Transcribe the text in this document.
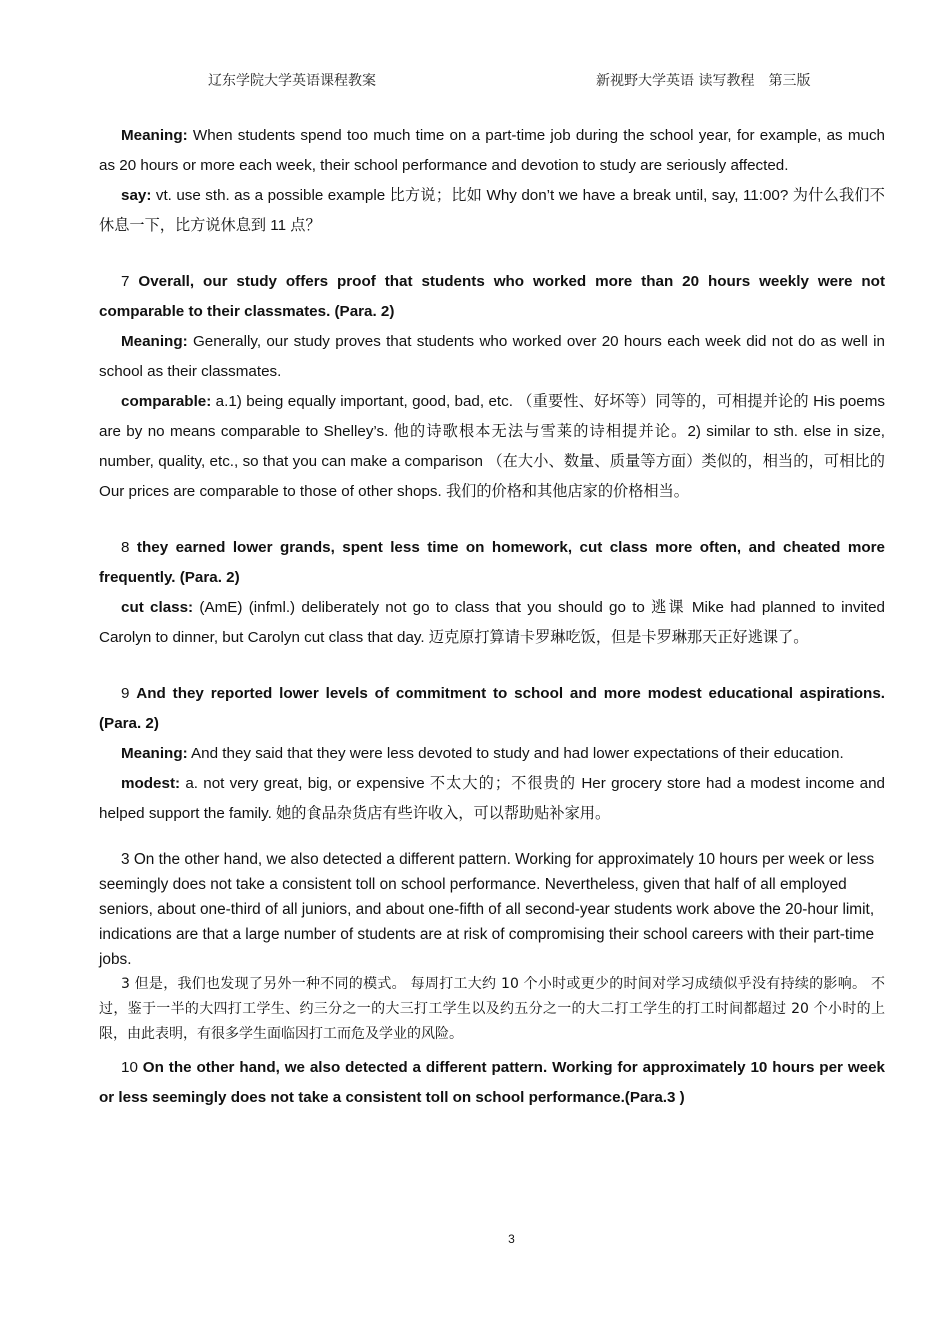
辽东学院大学英语课程教案	新视野大学英语 读写教程　第三版

Meaning: When students spend too much time on a part-time job during the school year, for example, as much as 20 hours or more each week, their school performance and devotion to study are seriously affected.

say: vt. use sth. as a possible example 比方说；比如 Why don’t we have a break until, say, 11:00? 为什么我们不休息一下，比方说休息到 11 点？

7 Overall, our study offers proof that students who worked more than 20 hours weekly were not comparable to their classmates. (Para. 2)

Meaning: Generally, our study proves that students who worked over 20 hours each week did not do as well in school as their classmates.

comparable: a.1) being equally important, good, bad, etc. （重要性、好坏等）同等的，可相提并论的 His poems are by no means comparable to Shelley’s. 他的诗歌根本无法与雪莱的诗相提并论。2) similar to sth. else in size, number, quality, etc., so that you can make a comparison （在大小、数量、质量等方面）类似的，相当的，可相比的 Our prices are comparable to those of other shops. 我们的价格和其他店家的价格相当。

8 they earned lower grands, spent less time on homework, cut class more often, and cheated more frequently. (Para. 2)

cut class: (AmE) (infml.) deliberately not go to class that you should go to 逃课 Mike had planned to invited Carolyn to dinner, but Carolyn cut class that day. 迈克原打算请卡罗琳吃饭，但是卡罗琳那天正好逃课了。

9 And they reported lower levels of commitment to school and more modest educational aspirations. (Para. 2)

Meaning: And they said that they were less devoted to study and had lower expectations of their education.

modest: a. not very great, big, or expensive 不太大的；不很贵的 Her grocery store had a modest income and helped support the family. 她的食品杂货店有些许收入，可以帮助贴补家用。

3 On the other hand, we also detected a different pattern. Working for approximately 10 hours per week or less seemingly does not take a consistent toll on school performance. Nevertheless, given that half of all employed seniors, about one-third of all juniors, and about one-fifth of all second-year students work above the 20-hour limit, indications are that a large number of students are at risk of compromising their school careers with their part-time jobs.

3 但是，我们也发现了另外一种不同的模式。 每周打工大约 10 个小时或更少的时间对学习成绩似乎没有持续的影响。 不过，鉴于一半的大四打工学生、约三分之一的大三打工学生以及约五分之一的大二打工学生的打工时间都超过 20 个小时的上限，由此表明，有很多学生面临因打工而危及学业的风险。

10 On the other hand, we also detected a different pattern. Working for approximately 10 hours per week or less seemingly does not take a consistent toll on school performance.(Para.3 )

3
